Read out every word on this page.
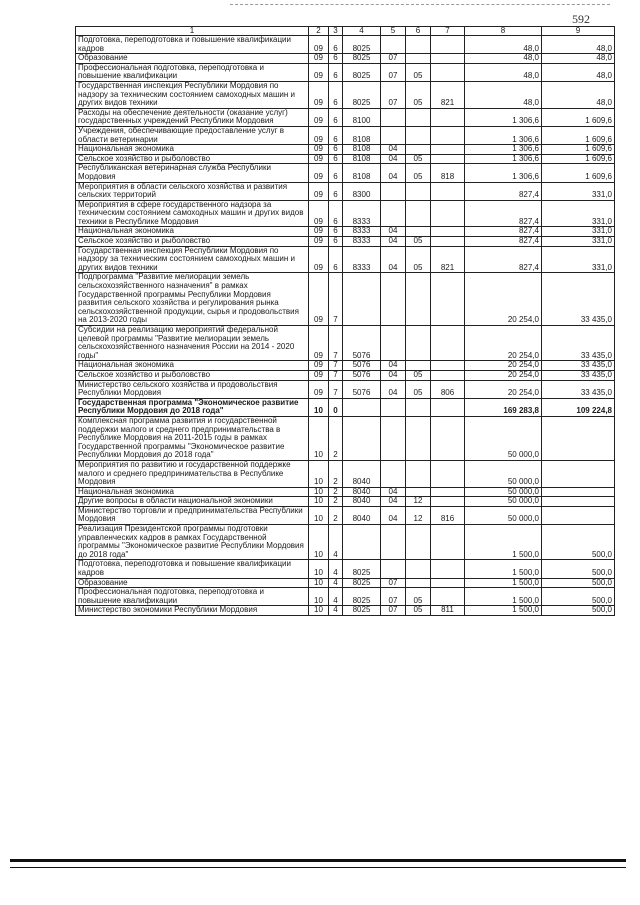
592
1	2	3	4	5	6	7	8	9
Подготовка, переподготовка и повышение квалификации кадров	09	6	8025				48,0	48,0
Образование	09	6	8025	07			48,0	48,0
Профессиональная подготовка, переподготовка и повышение квалификации	09	6	8025	07	05		48,0	48,0
Государственная инспекция Республики Мордовия по надзору за техническим состоянием самоходных машин и других видов техники	09	6	8025	07	05	821	48,0	48,0
Расходы на обеспечение деятельности (оказание услуг) государственных учреждений Республики Мордовия	09	6	8100				1 306,6	1 609,6
Учреждения, обеспечивающие предоставление услуг в области ветеринарии	09	6	8108				1 306,6	1 609,6
Национальная экономика	09	6	8108	04			1 306,6	1 609,6
Сельское хозяйство и рыболовство	09	6	8108	04	05		1 306,6	1 609,6
Республиканская ветеринарная служба Республики Мордовия	09	6	8108	04	05	818	1 306,6	1 609,6
Мероприятия в области сельского хозяйства и развития сельских территорий	09	6	8300				827,4	331,0
Мероприятия в сфере государственного надзора за техническим состоянием самоходных машин и других видов техники в Республике Мордовия	09	6	8333				827,4	331,0
Национальная экономика	09	6	8333	04			827,4	331,0
Сельское хозяйство и рыболовство	09	6	8333	04	05		827,4	331,0
Государственная инспекция Республики Мордовия по надзору за техническим состоянием самоходных машин и других видов техники	09	6	8333	04	05	821	827,4	331,0
Подпрограмма "Развитие мелиорации земель сельскохозяйственного назначения" в рамках Государственной программы Республики Мордовия развития сельского хозяйства и регулирования рынка сельскохозяйственной продукции, сырья и продовольствия на 2013-2020 годы	09	7					20 254,0	33 435,0
Субсидии на реализацию мероприятий федеральной целевой программы "Развитие мелиорации земель сельскохозяйственного назначения России на 2014 - 2020 годы"	09	7	5076				20 254,0	33 435,0
Национальная экономика	09	7	5076	04			20 254,0	33 435,0
Сельское хозяйство и рыболовство	09	7	5076	04	05		20 254,0	33 435,0
Министерство сельского хозяйства и продовольствия Республики Мордовия	09	7	5076	04	05	806	20 254,0	33 435,0
Государственная программа "Экономическое развитие Республики Мордовия до 2018 года"	10	0					169 283,8	109 224,8
Комплексная программа развития и государственной поддержки малого и среднего предпринимательства в Республике Мордовия на 2011-2015 годы в рамках Государственной программы "Экономическое развитие Республики Мордовия до 2018 года"	10	2					50 000,0	
Мероприятия по развитию и государственной поддержке малого и среднего предпринимательства в Республике Мордовия	10	2	8040				50 000,0	
Национальная экономика	10	2	8040	04			50 000,0	
Другие вопросы в области национальной экономики	10	2	8040	04	12		50 000,0	
Министерство торговли и предпринимательства Республики Мордовия	10	2	8040	04	12	816	50 000,0	
Реализация Президентской программы подготовки управленческих кадров в рамках Государственной программы "Экономическое развитие Республики Мордовия до 2018 года"	10	4					1 500,0	500,0
Подготовка, переподготовка и повышение квалификации кадров	10	4	8025				1 500,0	500,0
Образование	10	4	8025	07			1 500,0	500,0
Профессиональная подготовка, переподготовка и повышение квалификации	10	4	8025	07	05		1 500,0	500,0
Министерство экономики Республики Мордовия	10	4	8025	07	05	811	1 500,0	500,0
